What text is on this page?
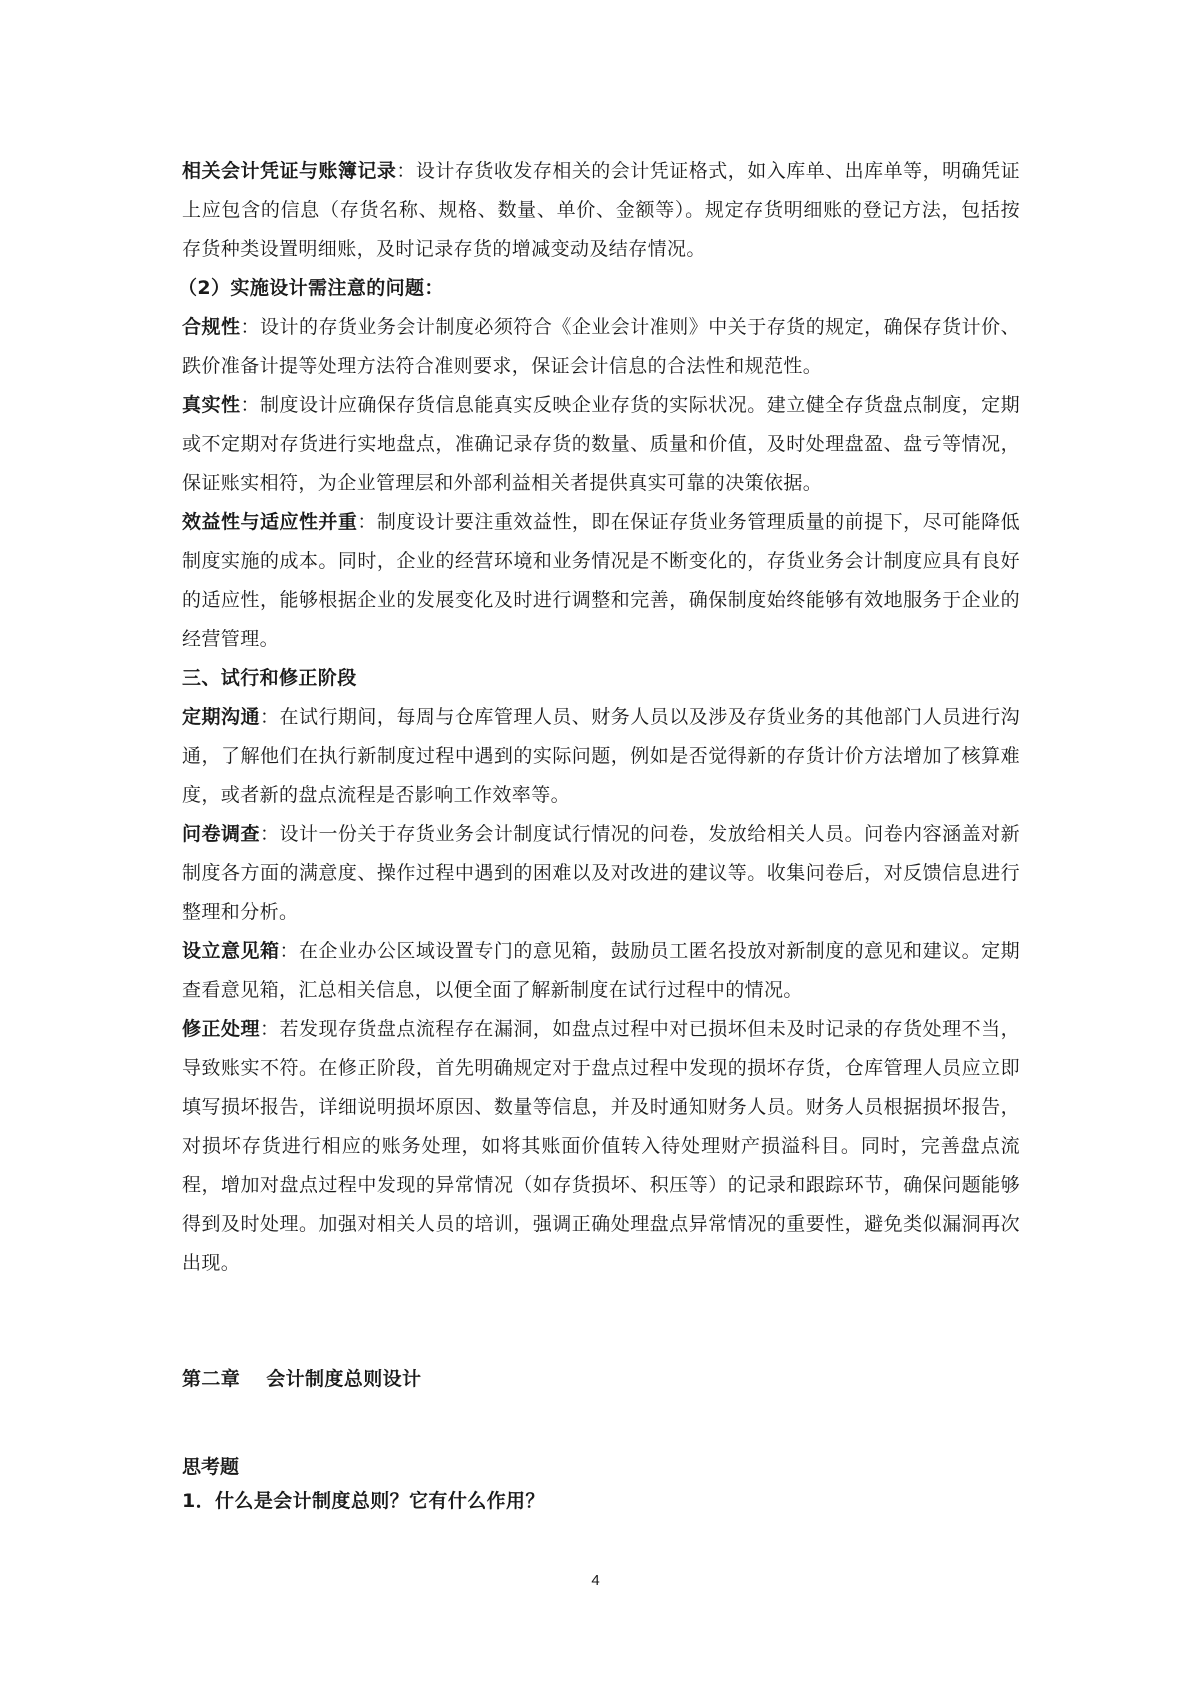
相关会计凭证与账簿记录：设计存货收发存相关的会计凭证格式，如入库单、出库单等，明确凭证上应包含的信息（存货名称、规格、数量、单价、金额等）。规定存货明细账的登记方法，包括按存货种类设置明细账，及时记录存货的增减变动及结存情况。

（2）实施设计需注意的问题：

合规性：设计的存货业务会计制度必须符合《企业会计准则》中关于存货的规定，确保存货计价、跌价准备计提等处理方法符合准则要求，保证会计信息的合法性和规范性。

真实性：制度设计应确保存货信息能真实反映企业存货的实际状况。建立健全存货盘点制度，定期或不定期对存货进行实地盘点，准确记录存货的数量、质量和价值，及时处理盘盈、盘亏等情况，保证账实相符，为企业管理层和外部利益相关者提供真实可靠的决策依据。

效益性与适应性并重：制度设计要注重效益性，即在保证存货业务管理质量的前提下，尽可能降低制度实施的成本。同时，企业的经营环境和业务情况是不断变化的，存货业务会计制度应具有良好的适应性，能够根据企业的发展变化及时进行调整和完善，确保制度始终能够有效地服务于企业的经营管理。

三、试行和修正阶段

定期沟通：在试行期间，每周与仓库管理人员、财务人员以及涉及存货业务的其他部门人员进行沟通，了解他们在执行新制度过程中遇到的实际问题，例如是否觉得新的存货计价方法增加了核算难度，或者新的盘点流程是否影响工作效率等。

问卷调查：设计一份关于存货业务会计制度试行情况的问卷，发放给相关人员。问卷内容涵盖对新制度各方面的满意度、操作过程中遇到的困难以及对改进的建议等。收集问卷后，对反馈信息进行整理和分析。

设立意见箱：在企业办公区域设置专门的意见箱，鼓励员工匿名投放对新制度的意见和建议。定期查看意见箱，汇总相关信息，以便全面了解新制度在试行过程中的情况。

修正处理：若发现存货盘点流程存在漏洞，如盘点过程中对已损坏但未及时记录的存货处理不当，导致账实不符。在修正阶段，首先明确规定对于盘点过程中发现的损坏存货，仓库管理人员应立即填写损坏报告，详细说明损坏原因、数量等信息，并及时通知财务人员。财务人员根据损坏报告，对损坏存货进行相应的账务处理，如将其账面价值转入待处理财产损溢科目。同时，完善盘点流程，增加对盘点过程中发现的异常情况（如存货损坏、积压等）的记录和跟踪环节，确保问题能够得到及时处理。加强对相关人员的培训，强调正确处理盘点异常情况的重要性，避免类似漏洞再次出现。

第二章 会计制度总则设计
思考题
1．什么是会计制度总则？它有什么作用？
4
